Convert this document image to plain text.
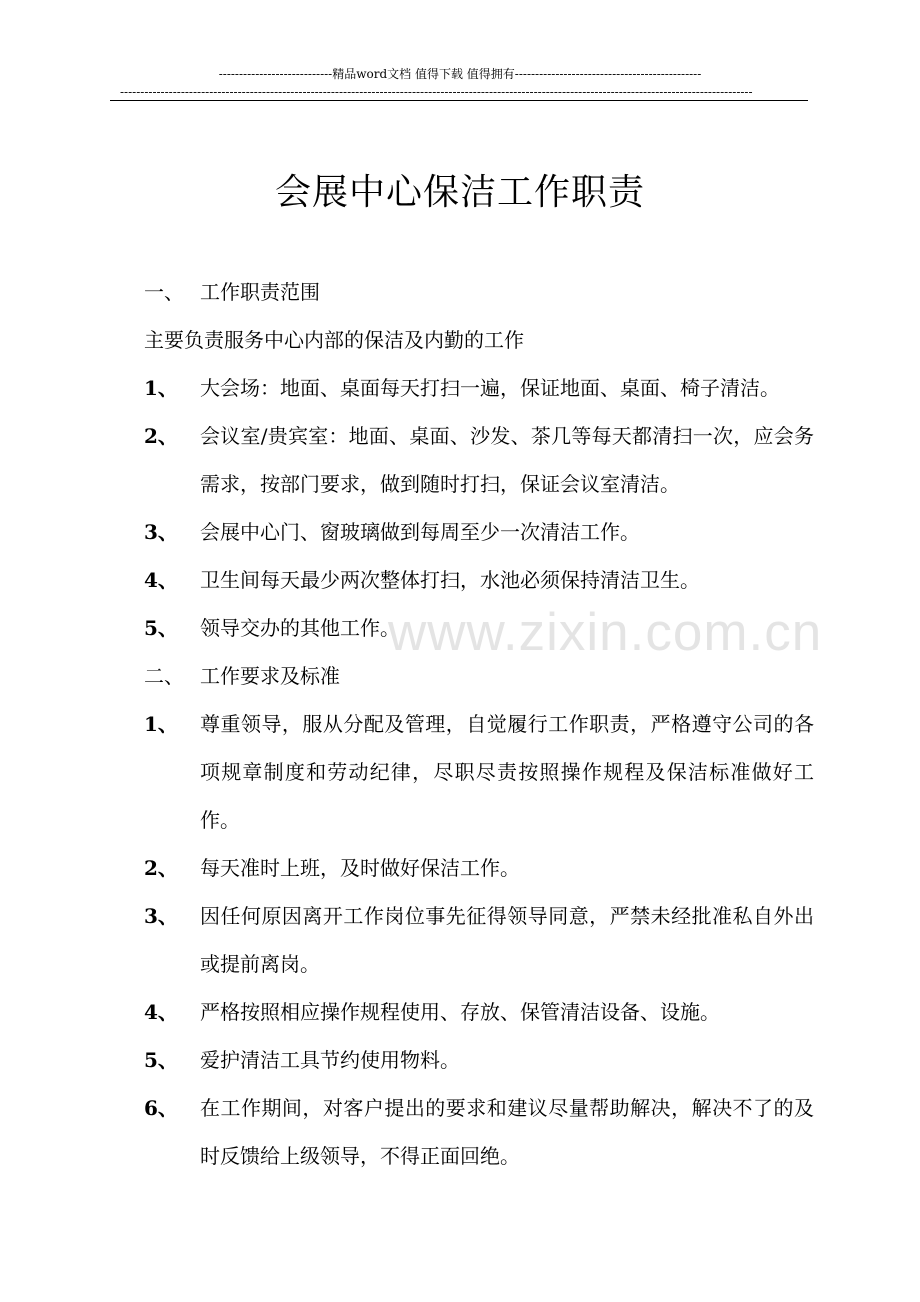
----------------------------精品word文档 值得下载 值得拥有----------------------------------------------
------------------------------------------------------------------------------------------------------------------------------------------------------------
会展中心保洁工作职责
www.zixin.com.cn
一、 工作职责范围
主要负责服务中心内部的保洁及内勤的工作
1、	大会场：地面、桌面每天打扫一遍，保证地面、桌面、椅子清洁。
2、	会议室/贵宾室：地面、桌面、沙发、茶几等每天都清扫一次，应会务需求，按部门要求，做到随时打扫，保证会议室清洁。
3、	会展中心门、窗玻璃做到每周至少一次清洁工作。
4、	卫生间每天最少两次整体打扫，水池必须保持清洁卫生。
5、	领导交办的其他工作。
二、 工作要求及标准
1、	尊重领导，服从分配及管理，自觉履行工作职责，严格遵守公司的各项规章制度和劳动纪律，尽职尽责按照操作规程及保洁标准做好工作。
2、	每天准时上班，及时做好保洁工作。
3、	因任何原因离开工作岗位事先征得领导同意，严禁未经批准私自外出或提前离岗。
4、	严格按照相应操作规程使用、存放、保管清洁设备、设施。
5、	爱护清洁工具节约使用物料。
6、	在工作期间，对客户提出的要求和建议尽量帮助解决，解决不了的及时反馈给上级领导，不得正面回绝。
